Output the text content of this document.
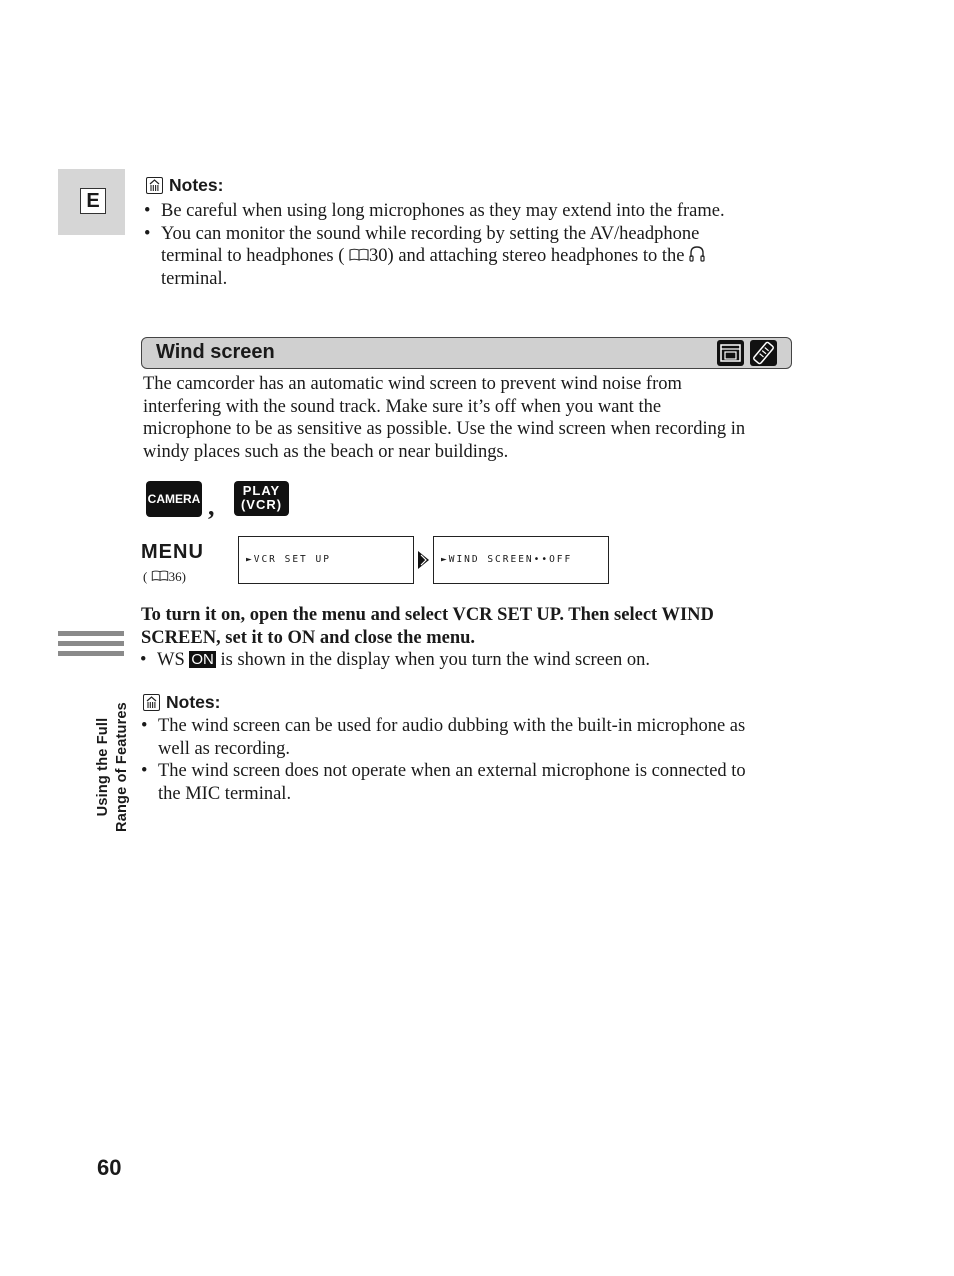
E
Using the Full Range of Features
Notes:
• Be careful when using long microphones as they may extend into the frame.
• You can monitor the sound while recording by setting the AV/headphone
terminal to headphones ( 30) and attaching stereo headphones to the
terminal.
Wind screen
The camcorder has an automatic wind screen to prevent wind noise from
interfering with the sound track. Make sure it’s off when you want the
microphone to be as sensitive as possible. Use the wind screen when recording in
windy places such as the beach or near buildings.
CAMERA ,
PLAY
(VCR)
MENU
( 36)
►VCR SET UP	►WIND SCREEN••OFF
To turn it on, open the menu and select VCR SET UP. Then select WIND
SCREEN, set it to ON and close the menu.
• WS ON is shown in the display when you turn the wind screen on.
Notes:
• The wind screen can be used for audio dubbing with the built-in microphone as
well as recording.
• The wind screen does not operate when an external microphone is connected to
the MIC terminal.
60
